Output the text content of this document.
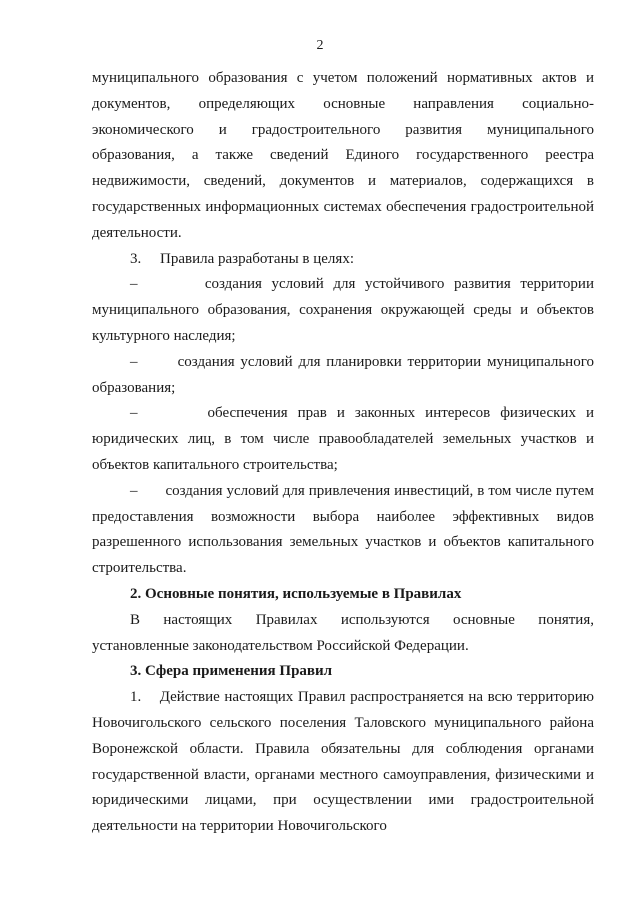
2

муниципального образования с учетом положений нормативных актов и документов, определяющих основные направления социально-экономического и градостроительного развития муниципального образования, а также сведений Единого государственного реестра недвижимости, сведений, документов и материалов, содержащихся в государственных информационных системах обеспечения градостроительной деятельности.

3.     Правила разработаны в целях:

–       создания условий для устойчивого развития территории муниципального образования, сохранения окружающей среды и объектов культурного наследия;

–       создания условий для планировки территории муниципального образования;

–       обеспечения прав и законных интересов физических и юридических лиц, в том числе правообладателей земельных участков и объектов капитального строительства;

–       создания условий для привлечения инвестиций, в том числе путем предоставления возможности выбора наиболее эффективных видов разрешенного использования земельных участков и объектов капитального строительства.

2. Основные понятия, используемые в Правилах

В настоящих Правилах используются основные понятия, установленные законодательством Российской Федерации.

3. Сфера применения Правил

1.    Действие настоящих Правил распространяется на всю территорию Новочигольского сельского поселения Таловского муниципального района Воронежской области. Правила обязательны для соблюдения органами государственной власти, органами местного самоуправления, физическими и юридическими лицами, при осуществлении ими градостроительной деятельности на территории Новочигольского
